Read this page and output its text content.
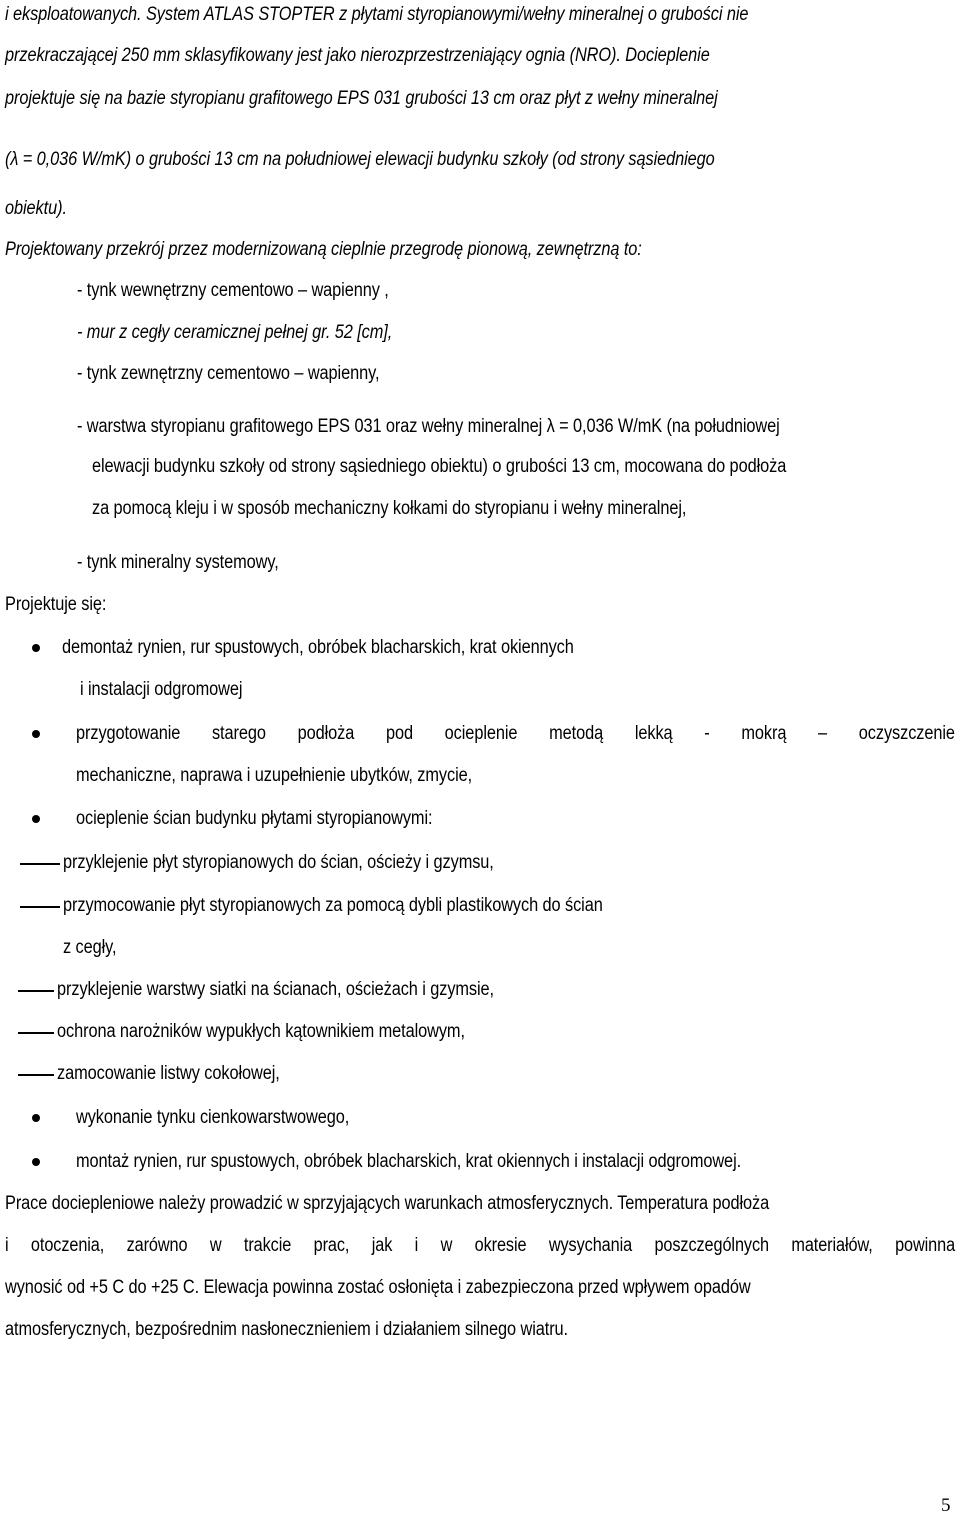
i eksploatowanych. System ATLAS STOPTER z płytami styropianowymi/wełny mineralnej o grubości nie
przekraczającej 250 mm sklasyfikowany jest jako nierozprzestrzeniający ognia (NRO). Docieplenie
projektuje się na bazie styropianu grafitowego EPS 031 grubości 13 cm oraz płyt z wełny mineralnej
(λ = 0,036 W/mK) o grubości 13 cm na południowej elewacji budynku szkoły (od strony sąsiedniego
obiektu).
Projektowany przekrój przez modernizowaną cieplnie przegrodę pionową, zewnętrzną to:
- tynk wewnętrzny cementowo – wapienny ,
- mur z cegły ceramicznej pełnej gr. 52 [cm],
- tynk zewnętrzny cementowo – wapienny,
- warstwa styropianu grafitowego EPS 031 oraz wełny mineralnej λ = 0,036 W/mK (na południowej
elewacji budynku szkoły od strony sąsiedniego obiektu) o grubości 13 cm, mocowana do podłoża
za pomocą kleju i w sposób mechaniczny kołkami do styropianu i wełny mineralnej,
- tynk mineralny systemowy,
Projektuje się:
demontaż rynien, rur spustowych, obróbek blacharskich, krat okiennych
i instalacji odgromowej
przygotowanie starego podłoża pod ocieplenie metodą lekką - mokrą – oczyszczenie
mechaniczne, naprawa i uzupełnienie ubytków, zmycie,
ocieplenie ścian budynku płytami styropianowymi:
przyklejenie płyt styropianowych do ścian, ościeży i gzymsu,
przymocowanie płyt styropianowych za pomocą dybli plastikowych do ścian
z cegły,
przyklejenie warstwy siatki na ścianach, ościeżach i gzymsie,
ochrona narożników wypukłych kątownikiem metalowym,
zamocowanie listwy cokołowej,
wykonanie tynku cienkowarstwowego,
montaż rynien, rur spustowych, obróbek blacharskich, krat okiennych i instalacji odgromowej.
Prace dociepleniowe należy prowadzić w sprzyjających warunkach atmosferycznych. Temperatura podłoża
i otoczenia, zarówno w trakcie prac, jak i w okresie wysychania poszczególnych materiałów, powinna
wynosić od +5 C do +25 C. Elewacja powinna zostać osłonięta i zabezpieczona przed wpływem opadów
atmosferycznych, bezpośrednim nasłonecznieniem i działaniem silnego wiatru.
5
